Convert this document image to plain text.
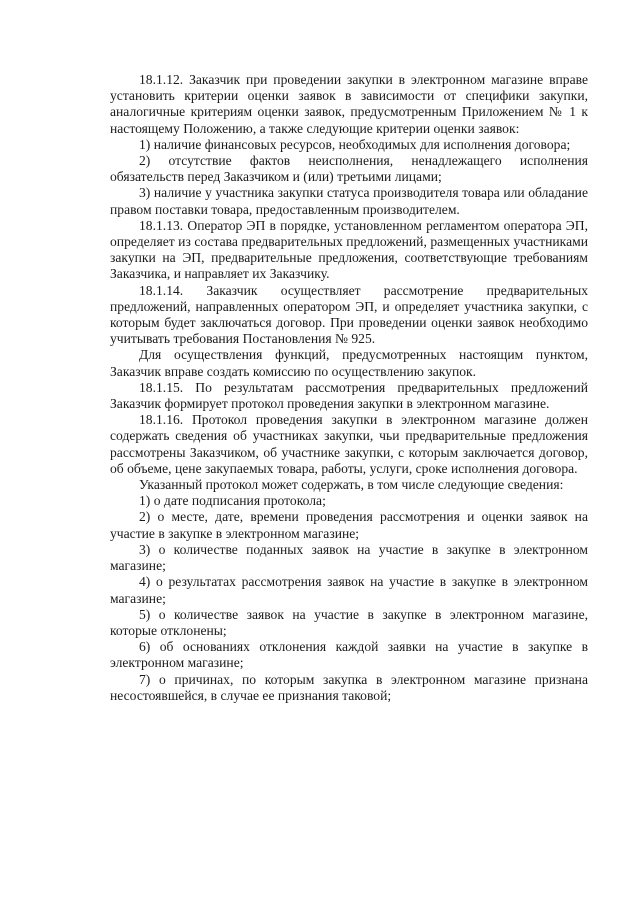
18.1.12. Заказчик при проведении закупки в электронном магазине вправе установить критерии оценки заявок в зависимости от специфики закупки, аналогичные критериям оценки заявок, предусмотренным Приложением № 1 к настоящему Положению, а также следующие критерии оценки заявок:

1) наличие финансовых ресурсов, необходимых для исполнения договора;

2) отсутствие фактов неисполнения, ненадлежащего исполнения обязательств перед Заказчиком и (или) третьими лицами;

3) наличие у участника закупки статуса производителя товара или обладание правом поставки товара, предоставленным производителем.

18.1.13. Оператор ЭП в порядке, установленном регламентом оператора ЭП, определяет из состава предварительных предложений, размещенных участниками закупки на ЭП, предварительные предложения, соответствующие требованиям Заказчика, и направляет их Заказчику.

18.1.14. Заказчик осуществляет рассмотрение предварительных предложений, направленных оператором ЭП, и определяет участника закупки, с которым будет заключаться договор. При проведении оценки заявок необходимо учитывать требования Постановления № 925.

Для осуществления функций, предусмотренных настоящим пунктом, Заказчик вправе создать комиссию по осуществлению закупок.

18.1.15. По результатам рассмотрения предварительных предложений Заказчик формирует протокол проведения закупки в электронном магазине.

18.1.16. Протокол проведения закупки в электронном магазине должен содержать сведения об участниках закупки, чьи предварительные предложения рассмотрены Заказчиком, об участнике закупки, с которым заключается договор, об объеме, цене закупаемых товара, работы, услуги, сроке исполнения договора.

Указанный протокол может содержать, в том числе следующие сведения:

1) о дате подписания протокола;

2) о месте, дате, времени проведения рассмотрения и оценки заявок на участие в закупке в электронном магазине;

3) о количестве поданных заявок на участие в закупке в электронном магазине;

4) о результатах рассмотрения заявок на участие в закупке в электронном магазине;

5) о количестве заявок на участие в закупке в электронном магазине, которые отклонены;

6) об основаниях отклонения каждой заявки на участие в закупке в электронном магазине;

7) о причинах, по которым закупка в электронном магазине признана несостоявшейся, в случае ее признания таковой;
